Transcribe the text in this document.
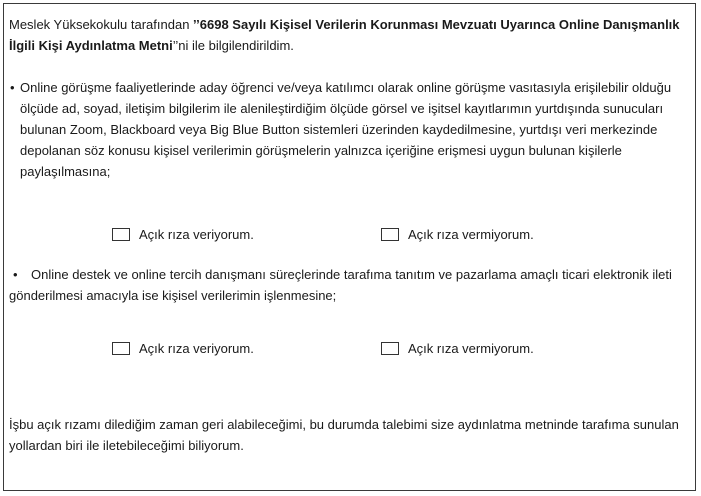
Meslek Yüksekokulu tarafından ’’6698 Sayılı Kişisel Verilerin Korunması Mevzuatı Uyarınca Online Danışmanlık

İlgili Kişi Aydınlatma Metni’’ni ile bilgilendirildim.

• Online görüşme faaliyetlerinde aday öğrenci ve/veya katılımcı olarak online görüşme vasıtasıyla erişilebilir olduğu

ölçüde ad, soyad, iletişim bilgilerim ile alenileştirdiğim ölçüde görsel ve işitsel kayıtlarımın yurtdışında sunucuları

bulunan Zoom, Blackboard veya Big Blue Button sistemleri üzerinden kaydedilmesine, yurtdışı veri merkezinde

depolanan söz konusu kişisel verilerimin görüşmelerin yalnızca içeriğine erişmesi uygun bulunan kişilerle

paylaşılmasına;

Açık rıza veriyorum.	Açık rıza vermiyorum.
• Online destek ve online tercih danışmanı süreçlerinde tarafıma tanıtım ve pazarlama amaçlı ticari elektronik ileti

gönderilmesi amacıyla ise kişisel verilerimin işlenmesine;

Açık rıza veriyorum.	Açık rıza vermiyorum.

İşbu açık rızamı dilediğim zaman geri alabileceğimi, bu durumda talebimi size aydınlatma metninde tarafıma sunulan

yollardan biri ile iletebileceğimi biliyorum.
